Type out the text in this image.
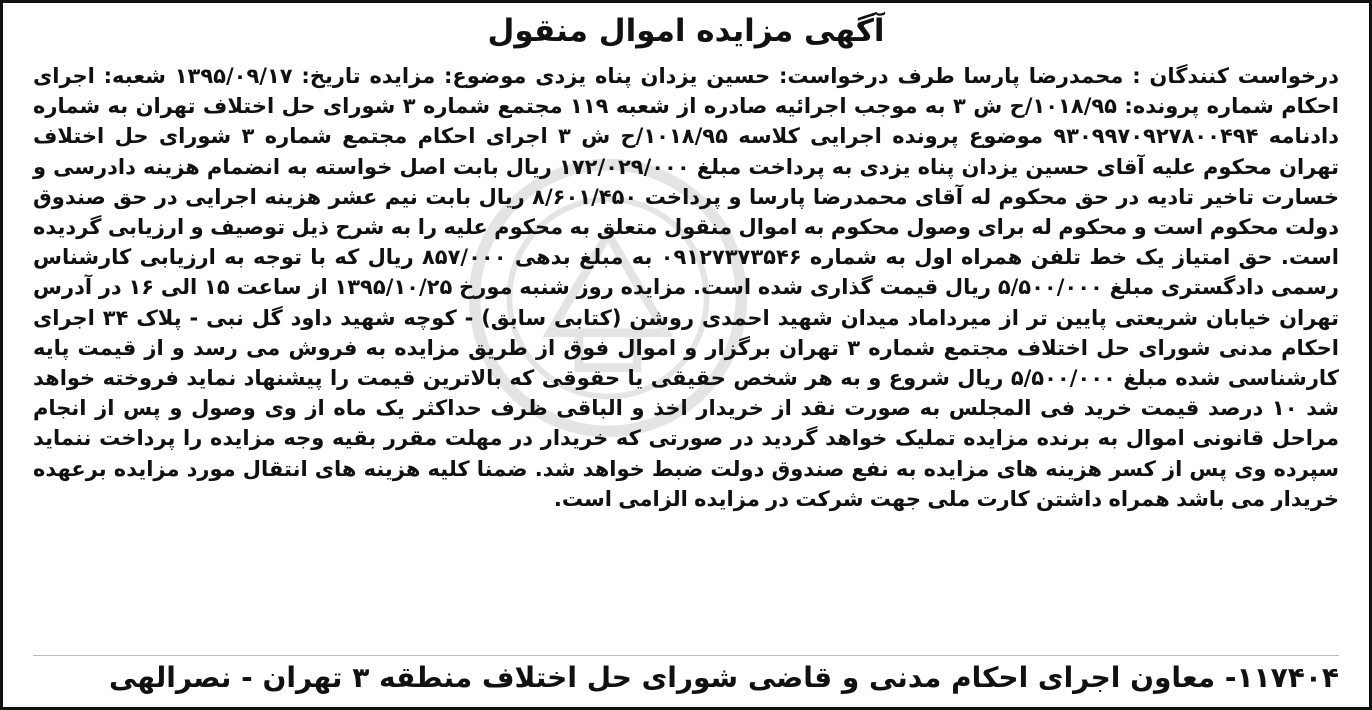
آگهی مزایده اموال منقول

درخواست کنندگان : محمدرضا پارسا طرف درخواست: حسین یزدان پناه یزدی موضوع: مزایده تاریخ: ۱۳۹۵/۰۹/۱۷ شعبه: اجرای احکام شماره پرونده: ۱۰۱۸/۹۵/ح ش ۳ به موجب اجرائیه صادره از شعبه ۱۱۹ مجتمع شماره ۳ شورای حل اختلاف تهران به شماره دادنامه ۹۳۰۹۹۷۰۹۲۷۸۰۰۴۹۴ موضوع پرونده اجرایی کلاسه ۱۰۱۸/۹۵/ح ش ۳ اجرای احکام مجتمع شماره ۳ شورای حل اختلاف تهران محکوم علیه آقای حسین یزدان پناه یزدی به پرداخت مبلغ ۱۷۲/۰۲۹/۰۰۰ ریال بابت اصل خواسته به انضمام هزینه دادرسی و خسارت تاخیر تادیه در حق محکوم له آقای محمدرضا پارسا و پرداخت ۸/۶۰۱/۴۵۰ ریال بابت نیم عشر هزینه اجرایی در حق صندوق دولت محکوم است و محکوم له برای وصول محکوم به اموال منقول متعلق به محکوم علیه را به شرح ذیل توصیف و ارزیابی گردیده است. حق امتیاز یک خط تلفن همراه اول به شماره ۰۹۱۲۷۳۷۳۵۴۶ به مبلغ بدهی ۸۵۷/۰۰۰ ریال که با توجه به ارزیابی کارشناس رسمی دادگستری مبلغ ۵/۵۰۰/۰۰۰ ریال قیمت گذاری شده است. مزایده روز شنبه مورخ ۱۳۹۵/۱۰/۲۵ از ساعت ۱۵ الی ۱۶ در آدرس تهران خیابان شریعتی پایین تر از میرداماد میدان شهید احمدی روشن (کتابی سابق) - کوچه شهید داود گل نبی - پلاک ۳۴ اجرای احکام مدنی شورای حل اختلاف مجتمع شماره ۳ تهران برگزار و اموال فوق از طریق مزایده به فروش می رسد و از قیمت پایه کارشناسی شده مبلغ ۵/۵۰۰/۰۰۰ ریال شروع و به هر شخص حقیقی یا حقوقی که بالاترین قیمت را پیشنهاد نماید فروخته خواهد شد ۱۰ درصد قیمت خرید فی المجلس به صورت نقد از خریدار اخذ و الباقی ظرف حداکثر یک ماه از وی وصول و پس از انجام مراحل قانونی اموال به برنده مزایده تملیک خواهد گردید در صورتی که خریدار در مهلت مقرر بقیه وجه مزایده را پرداخت ننماید سپرده وی پس از کسر هزینه های مزایده به نفع صندوق دولت ضبط خواهد شد. ضمنا کلیه هزینه های انتقال مورد مزایده برعهده خریدار می باشد همراه داشتن کارت ملی جهت شرکت در مزایده الزامی است.

۱۱۷۴۰۴- معاون اجرای احکام مدنی و قاضی شورای حل اختلاف منطقه ۳ تهران - نصرالهی
